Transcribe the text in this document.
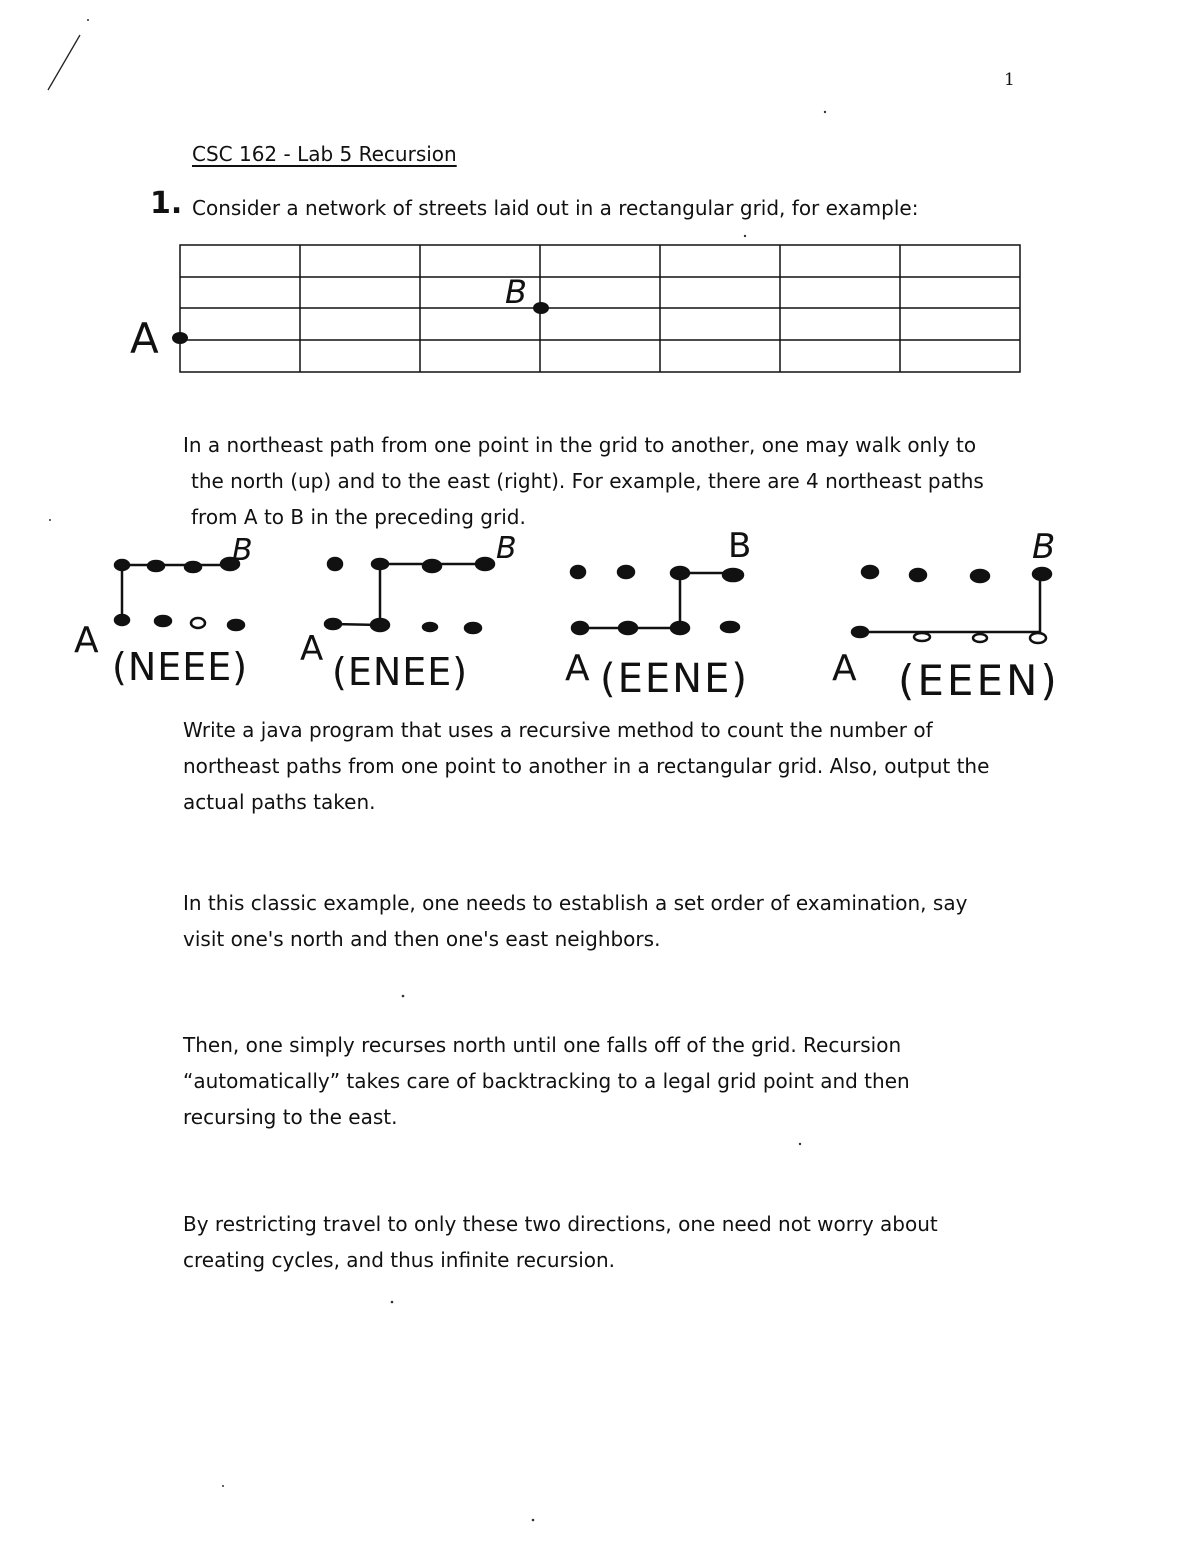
1
CSC 162 - Lab 5 Recursion
1. Consider a network of streets laid out in a rectangular grid, for example:
A
B
In a northeast path from one point in the grid to another, one may walk only to
the north (up) and to the east (right). For example, there are 4 northeast paths
from A to B in the preceding grid.
A
B
(NEEE) A
B
(ENEE)	A
B
(EENE) A
B
(EEEN)
Write a java program that uses a recursive method to count the number of
northeast paths from one point to another in a rectangular grid. Also, output the
actual paths taken.
In this classic example, one needs to establish a set order of examination, say
visit one's north and then one's east neighbors.
Then, one simply recurses north until one falls off of the grid. Recursion
“automatically” takes care of backtracking to a legal grid point and then
recursing to the east.
By restricting travel to only these two directions, one need not worry about
creating cycles, and thus infinite recursion.
